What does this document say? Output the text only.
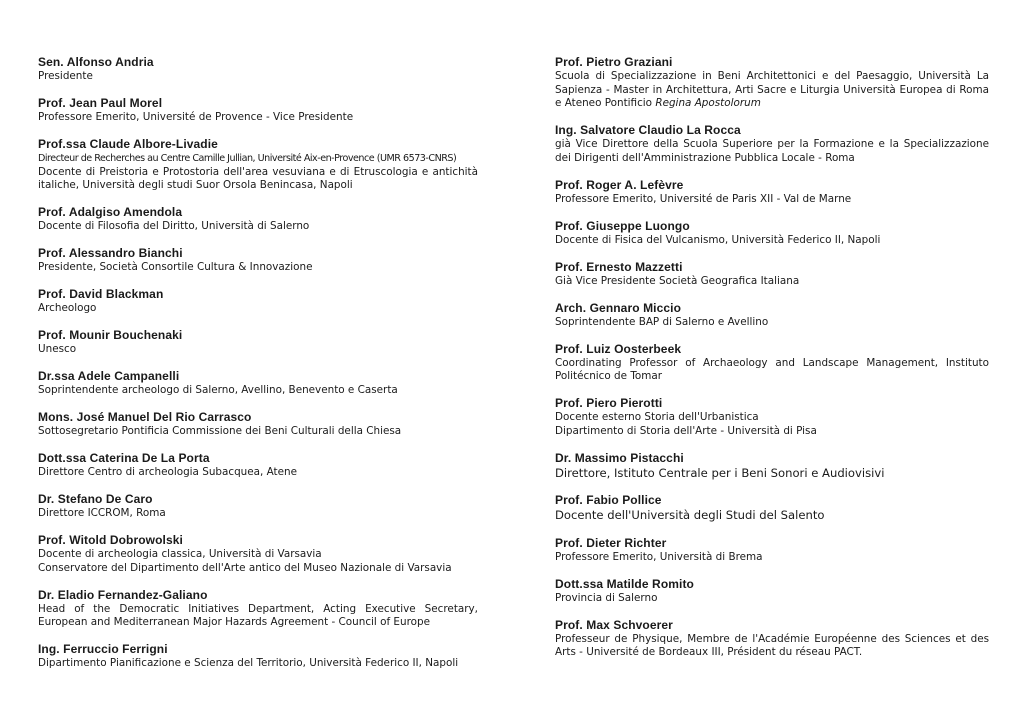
Sen. Alfonso Andria
Presidente
Prof. Jean Paul Morel
Professore Emerito, Université de Provence - Vice Presidente
Prof.ssa Claude Albore-Livadie
Directeur de Recherches au Centre Camille Jullian, Université Aix-en-Provence (UMR 6573-CNRS)
Docente di Preistoria e Protostoria dell'area vesuviana e di Etruscologia e antichità italiche, Università degli studi Suor Orsola Benincasa, Napoli
Prof. Adalgiso Amendola
Docente di Filosofia del Diritto, Università di Salerno
Prof. Alessandro Bianchi
Presidente, Società Consortile Cultura & Innovazione
Prof. David Blackman
Archeologo
Prof. Mounir Bouchenaki
Unesco
Dr.ssa Adele Campanelli
Soprintendente archeologo di Salerno, Avellino, Benevento e Caserta
Mons. José Manuel Del Rio Carrasco
Sottosegretario Pontificia Commissione dei Beni Culturali della Chiesa
Dott.ssa Caterina De La Porta
Direttore Centro di archeologia Subacquea, Atene
Dr. Stefano De Caro
Direttore ICCROM, Roma
Prof. Witold Dobrowolski
Docente di archeologia classica, Università di Varsavia
Conservatore del Dipartimento dell'Arte antico del Museo Nazionale di Varsavia
Dr. Eladio Fernandez-Galiano
Head of the Democratic Initiatives Department, Acting Executive Secretary, European and Mediterranean Major Hazards Agreement - Council of Europe
Ing. Ferruccio Ferrigni
Dipartimento Pianificazione e Scienza del Territorio, Università Federico II, Napoli
Prof. Pietro Graziani
Scuola di Specializzazione in Beni Architettonici e del Paesaggio, Università La Sapienza - Master in Architettura, Arti Sacre e Liturgia Università Europea di Roma e Ateneo Pontificio Regina Apostolorum
Ing. Salvatore Claudio La Rocca
già Vice Direttore della Scuola Superiore per la Formazione e la Specializzazione dei Dirigenti dell'Amministrazione Pubblica Locale - Roma
Prof. Roger A. Lefèvre
Professore Emerito, Université de Paris XII - Val de Marne
Prof. Giuseppe Luongo
Docente di Fisica del Vulcanismo, Università Federico II, Napoli
Prof. Ernesto Mazzetti
Già Vice Presidente Società Geografica Italiana
Arch. Gennaro Miccio
Soprintendente BAP di Salerno e Avellino
Prof. Luiz Oosterbeek
Coordinating Professor of Archaeology and Landscape Management, Instituto Politécnico de Tomar
Prof. Piero Pierotti
Docente esterno Storia dell'Urbanistica
Dipartimento di Storia dell'Arte - Università di Pisa
Dr. Massimo Pistacchi
Direttore, Istituto Centrale per i Beni Sonori e Audiovisivi
Prof. Fabio Pollice
Docente dell'Università degli Studi del Salento
Prof. Dieter Richter
Professore Emerito, Università di Brema
Dott.ssa Matilde Romito
Provincia di Salerno
Prof. Max Schvoerer
Professeur de Physique, Membre de l'Académie Européenne des Sciences et des Arts - Université de Bordeaux III, Président du réseau PACT.
